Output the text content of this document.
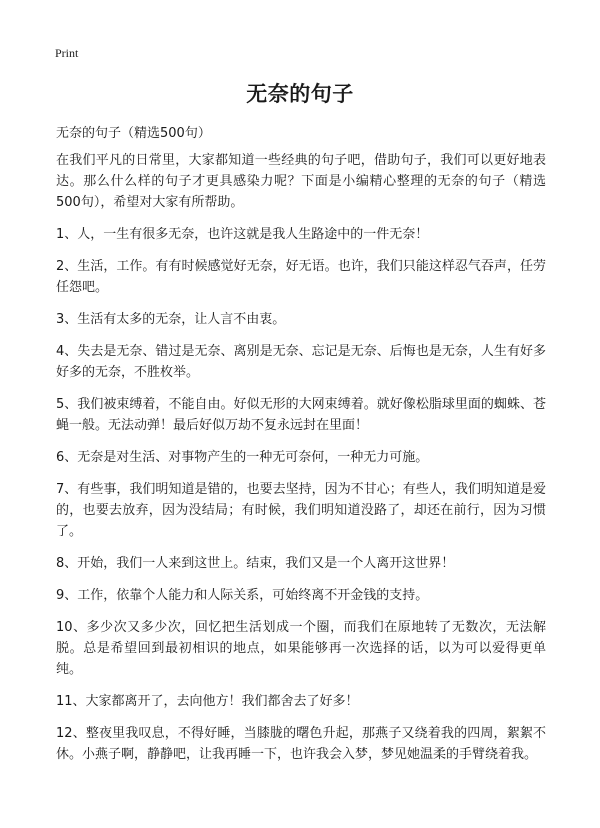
Print
无奈的句子

无奈的句子（精选500句）

在我们平凡的日常里，大家都知道一些经典的句子吧，借助句子，我们可以更好地表达。那么什么样的句子才更具感染力呢？下面是小编精心整理的无奈的句子（精选500句），希望对大家有所帮助。

1、人，一生有很多无奈，也许这就是我人生路途中的一件无奈！

2、生活，工作。有有时候感觉好无奈，好无语。也许，我们只能这样忍气吞声，任劳任怨吧。

3、生活有太多的无奈，让人言不由衷。

4、失去是无奈、错过是无奈、离别是无奈、忘记是无奈、后悔也是无奈，人生有好多好多的无奈，不胜枚举。

5、我们被束缚着，不能自由。好似无形的大网束缚着。就好像松脂球里面的蜘蛛、苍蝇一般。无法动弹！最后好似万劫不复永远封在里面！

6、无奈是对生活、对事物产生的一种无可奈何，一种无力可施。

7、有些事，我们明知道是错的，也要去坚持，因为不甘心；有些人，我们明知道是爱的，也要去放弃，因为没结局；有时候，我们明知道没路了，却还在前行，因为习惯了。

8、开始，我们一人来到这世上。结束，我们又是一个人离开这世界！

9、工作，依靠个人能力和人际关系，可始终离不开金钱的支持。

10、多少次又多少次，回忆把生活划成一个圈，而我们在原地转了无数次，无法解脱。总是希望回到最初相识的地点，如果能够再一次选择的话，以为可以爱得更单纯。

11、大家都离开了，去向他方！我们都舍去了好多！

12、整夜里我叹息，不得好睡，当膝胧的曙色升起，那燕子又绕着我的四周，絮絮不休。小燕子啊，静静吧，让我再睡一下，也许我会入梦，梦见她温柔的手臂绕着我。
